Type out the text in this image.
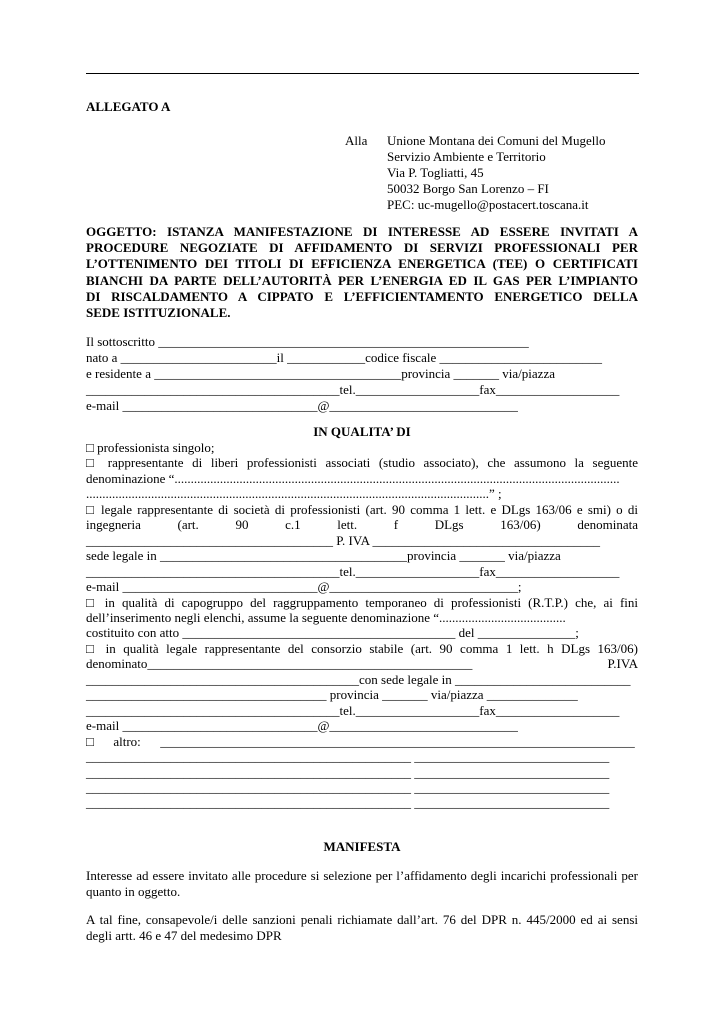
ALLEGATO A
Alla Unione Montana dei Comuni del Mugello
Servizio Ambiente e Territorio
Via P. Togliatti, 45
50032 Borgo San Lorenzo – FI
PEC: uc-mugello@postacert.toscana.it
OGGETTO: ISTANZA MANIFESTAZIONE DI INTERESSE AD ESSERE INVITATI A
PROCEDURE NEGOZIATE DI AFFIDAMENTO DI SERVIZI PROFESSIONALI PER
L’OTTENIMENTO DEI TITOLI DI EFFICIENZA ENERGETICA (TEE) O CERTIFICATI
BIANCHI DA PARTE DELL’AUTORITÀ PER L’ENERGIA ED IL GAS PER L’IMPIANTO
DI RISCALDAMENTO A CIPPATO E L’EFFICIENTAMENTO ENERGETICO DELLA
SEDE ISTITUZIONALE.
Il sottoscritto _________________________________________________________
nato a ________________________il ____________codice fiscale _________________________
e residente a ______________________________________provincia _______ via/piazza
_______________________________________tel.___________________fax___________________
e-mail ______________________________@_____________________________
IN QUALITA’ DI
□ professionista singolo;
□ rappresentante di liberi professionisti associati (studio associato), che assumono la seguente
denominazione “.........................................................................................................................................
............................................................................................................................” ;
□ legale rappresentante di società di professionisti (art. 90 comma 1 lett. e DLgs 163/06 e smi) o di
ingegneria (art. 90 c.1 lett. f DLgs 163/06) denominata
______________________________________ P. IVA ___________________________________
sede legale in ______________________________________provincia _______ via/piazza
_______________________________________tel.___________________fax___________________
e-mail ______________________________@_____________________________;
□ in qualità di capogruppo del raggruppamento temporaneo di professionisti (R.T.P.) che, ai fini
dell’inserimento negli elenchi, assume la seguente denominazione “.......................................
costituito con atto __________________________________________ del _______________;
□ in qualità legale rappresentante del consorzio stabile (art. 90 comma 1 lett. h DLgs 163/06)
denominato__________________________________________________ P.IVA
__________________________________________con sede legale in ___________________________
_____________________________________ provincia _______ via/piazza ______________
_______________________________________tel.___________________fax___________________
e-mail ______________________________@_____________________________
□      altro:      _________________________________________________________________________
__________________________________________________ ______________________________
__________________________________________________ ______________________________
__________________________________________________ ______________________________
__________________________________________________ ______________________________
MANIFESTA
Interesse ad essere invitato alle procedure si selezione per l’affidamento degli incarichi professionali per quanto in oggetto.
A tal fine, consapevole/i delle sanzioni penali richiamate dall’art. 76 del DPR n. 445/2000 ed ai sensi degli artt. 46 e 47 del medesimo DPR
